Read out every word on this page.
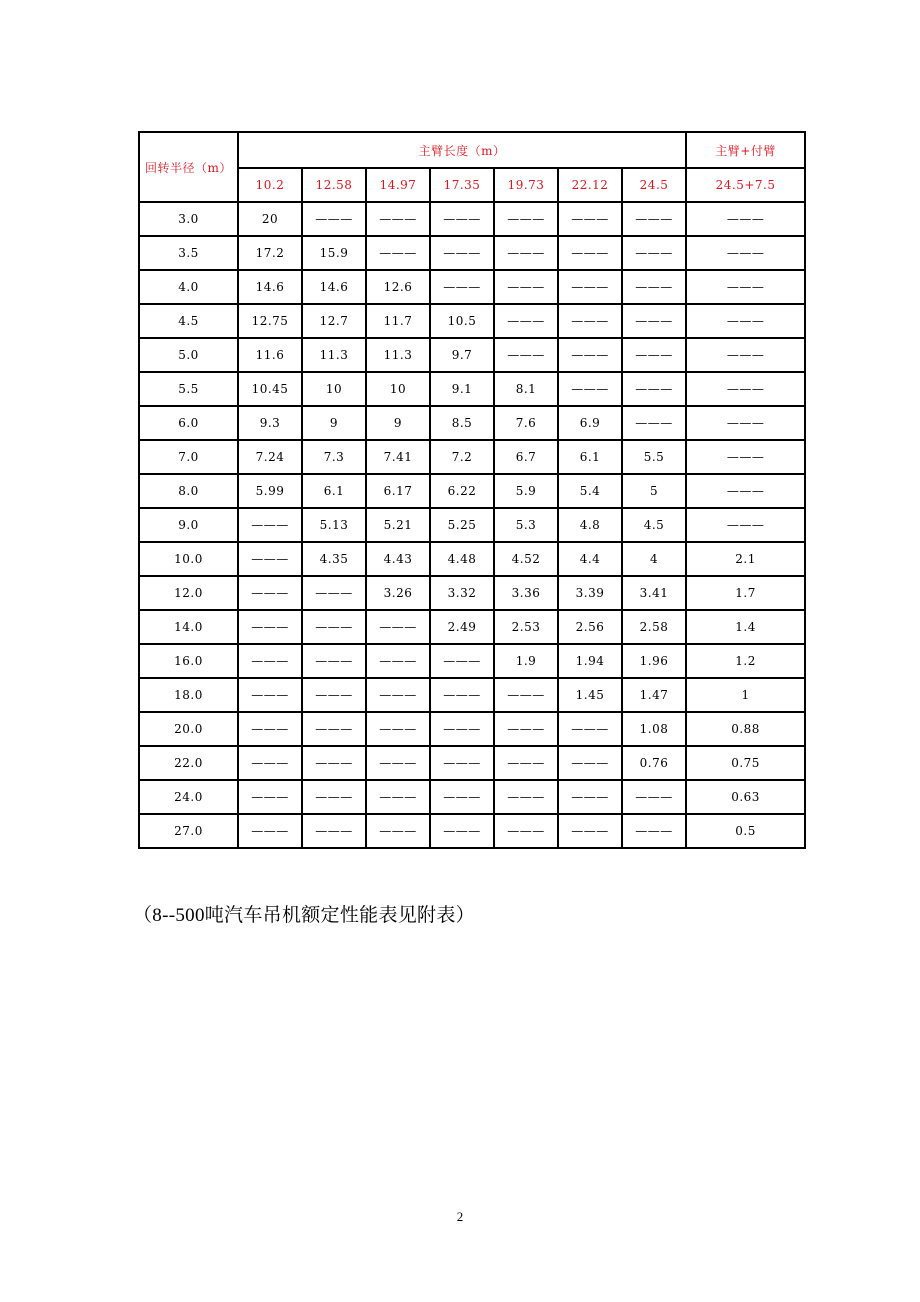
回转半径（m）	主臂长度（m）							主臂+付臂
	10.2	12.58	14.97	17.35	19.73	22.12	24.5	24.5+7.5
3.0	20	———	———	———	———	———	———	———
3.5	17.2	15.9	———	———	———	———	———	———
4.0	14.6	14.6	12.6	———	———	———	———	———
4.5	12.75	12.7	11.7	10.5	———	———	———	———
5.0	11.6	11.3	11.3	9.7	———	———	———	———
5.5	10.45	10	10	9.1	8.1	———	———	———
6.0	9.3	9	9	8.5	7.6	6.9	———	———
7.0	7.24	7.3	7.41	7.2	6.7	6.1	5.5	———
8.0	5.99	6.1	6.17	6.22	5.9	5.4	5	———
9.0	———	5.13	5.21	5.25	5.3	4.8	4.5	———
10.0	———	4.35	4.43	4.48	4.52	4.4	4	2.1
12.0	———	———	3.26	3.32	3.36	3.39	3.41	1.7
14.0	———	———	———	2.49	2.53	2.56	2.58	1.4
16.0	———	———	———	———	1.9	1.94	1.96	1.2
18.0	———	———	———	———	———	1.45	1.47	1
20.0	———	———	———	———	———	———	1.08	0.88
22.0	———	———	———	———	———	———	0.76	0.75
24.0	———	———	———	———	———	———	———	0.63
27.0	———	———	———	———	———	———	———	0.5
（8--500吨汽车吊机额定性能表见附表）
2
